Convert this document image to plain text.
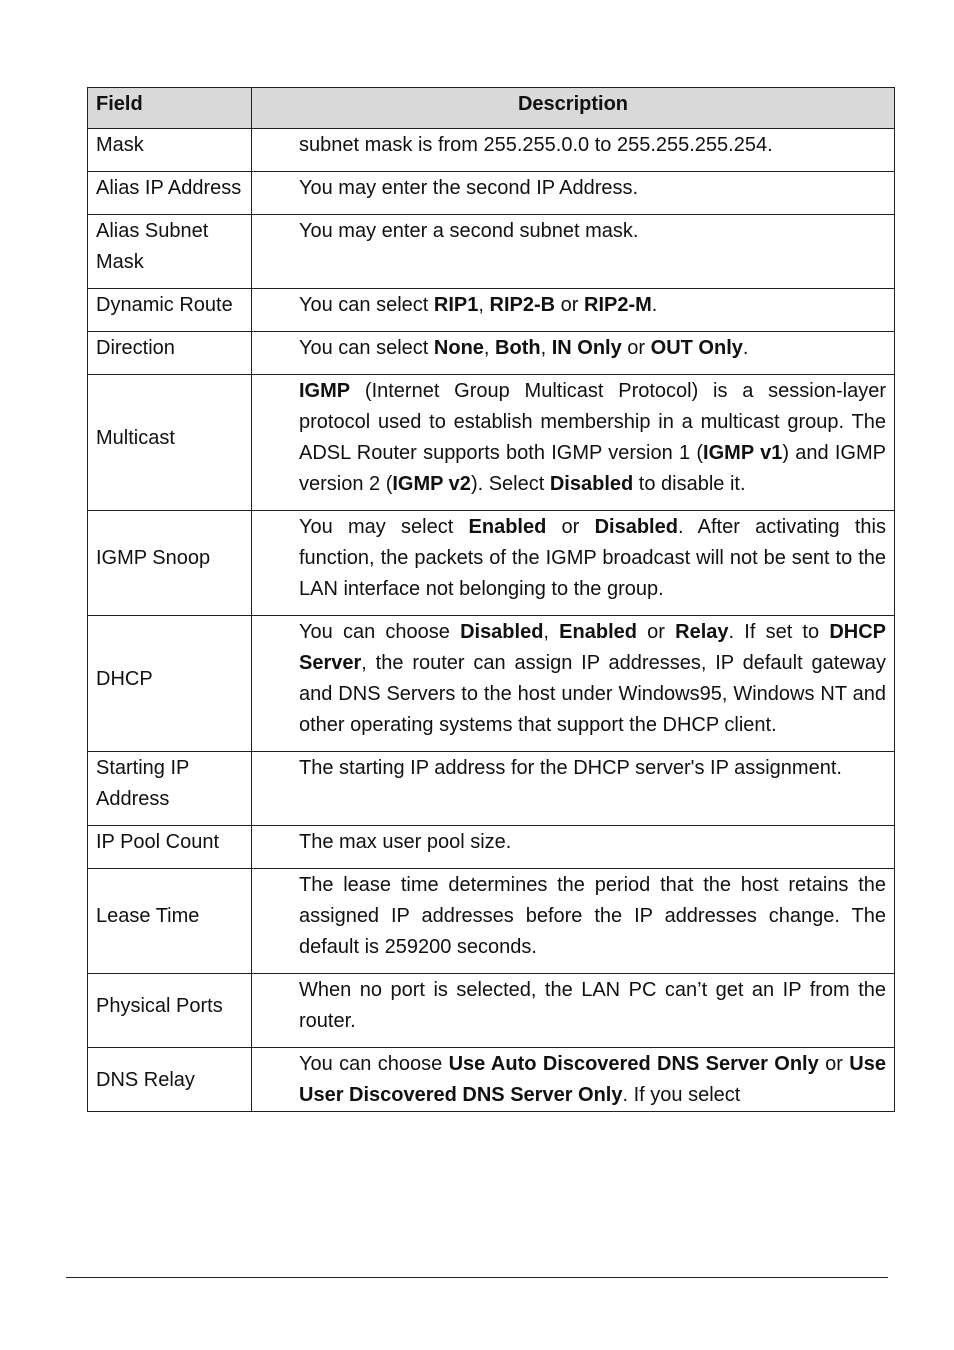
Field	Description
Mask	subnet mask is from 255.255.0.0 to 255.255.255.254.
Alias IP Address	You may enter the second IP Address.
Alias Subnet Mask	You may enter a second subnet mask.
Dynamic Route	You can select RIP1, RIP2-B or RIP2-M.
Direction	You can select None, Both, IN Only or OUT Only.
Multicast	IGMP (Internet Group Multicast Protocol) is a session-layer protocol used to establish membership in a multicast group. The ADSL Router supports both IGMP version 1 (IGMP v1) and IGMP version 2 (IGMP v2). Select Disabled to disable it.
IGMP Snoop	You may select Enabled or Disabled. After activating this function, the packets of the IGMP broadcast will not be sent to the LAN interface not belonging to the group.
DHCP	You can choose Disabled, Enabled or Relay. If set to DHCP Server, the router can assign IP addresses, IP default gateway and DNS Servers to the host under Windows95, Windows NT and other operating systems that support the DHCP client.
Starting IP Address	The starting IP address for the DHCP server's IP assignment.
IP Pool Count	The max user pool size.
Lease Time	The lease time determines the period that the host retains the assigned IP addresses before the IP addresses change. The default is 259200 seconds.
Physical Ports	When no port is selected, the LAN PC can’t get an IP from the router.
DNS Relay	You can choose Use Auto Discovered DNS Server Only or Use User Discovered DNS Server Only. If you select
